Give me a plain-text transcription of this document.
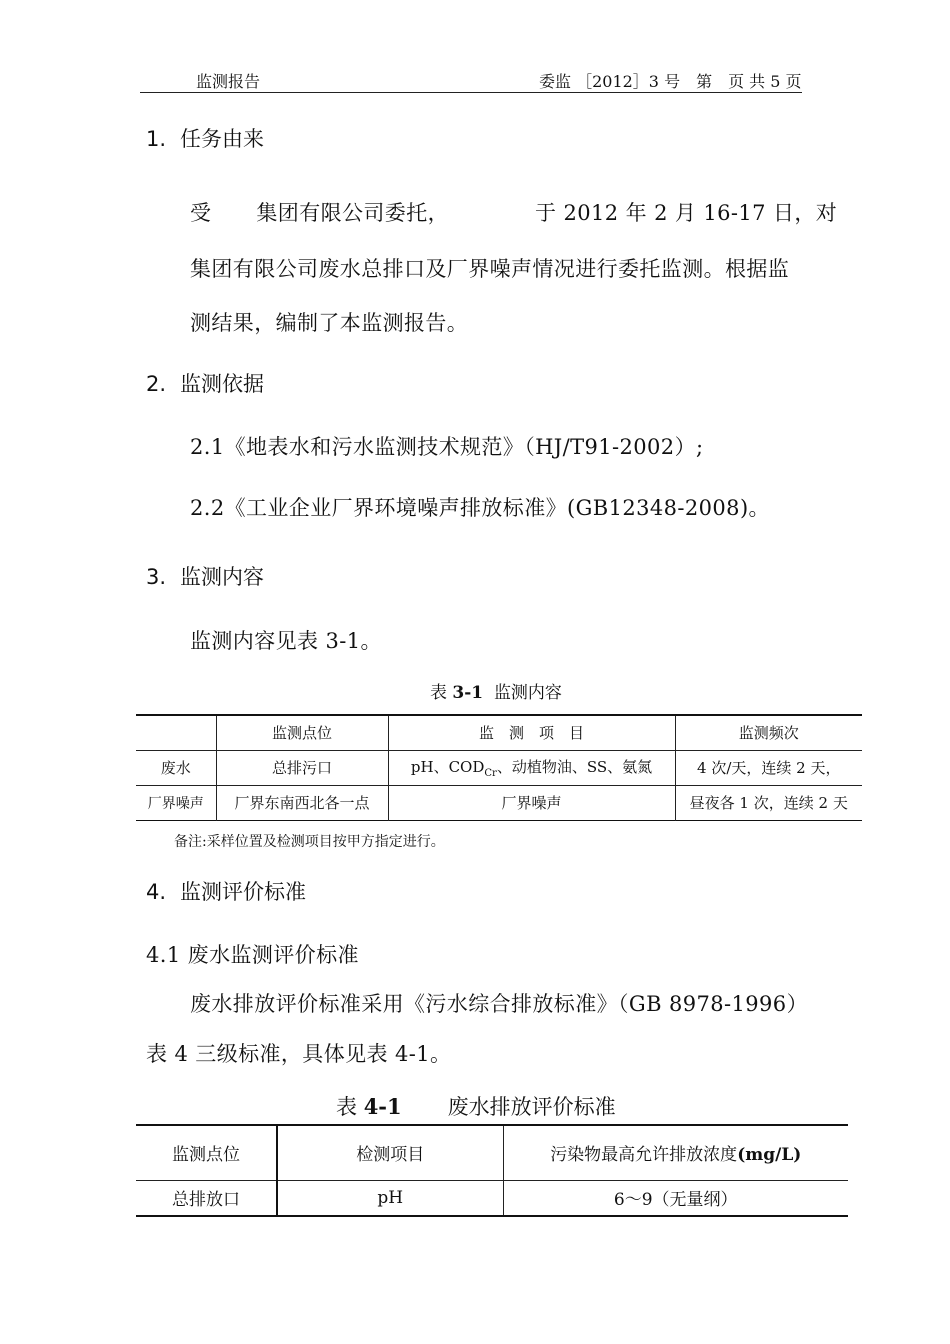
监测报告	委监 ［2012］3 号　第　页 共 5 页
1. 任务由来
受 集团有限公司委托，	于 2012 年 2 月 16-17 日，对
集团有限公司废水总排口及厂界噪声情况进行委托监测。根据监
测结果，编制了本监测报告。
2. 监测依据
2.1《地表水和污水监测技术规范》（HJ/T91-2002）;
2.2《工业企业厂界环境噪声排放标准》(GB12348-2008)。
3. 监测内容
监测内容见表 3-1。
表 3-1 监测内容
	监测点位	监　测　项　目	监测频次
废水	总排污口	pH、$COD_{Cr}$、动植物油、SS、氨氮	4 次/天，连续 2 天，
厂界噪声	厂界东南西北各一点	厂界噪声	昼夜各 1 次，连续 2 天
备注:采样位置及检测项目按甲方指定进行。
4. 监测评价标准
4.1 废水监测评价标准
废水排放评价标准采用《污水综合排放标准》（GB 8978-1996）
表 4 三级标准，具体见表 4-1。
表 4-1 废水排放评价标准
监测点位	检测项目	污染物最高允许排放浓度(mg/L)
总排放口	pH	6～9（无量纲）
